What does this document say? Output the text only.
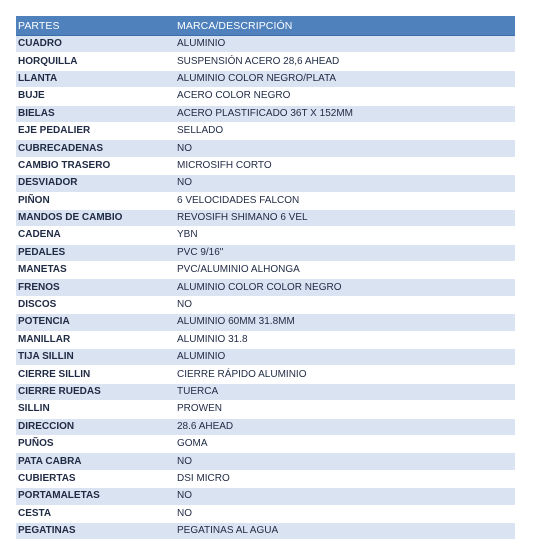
PARTES	MARCA/DESCRIPCIÓN
CUADRO	ALUMINIO
HORQUILLA	SUSPENSIÓN ACERO 28,6 AHEAD
LLANTA	ALUMINIO COLOR NEGRO/PLATA
BUJE	ACERO COLOR NEGRO
BIELAS	ACERO PLASTIFICADO 36T X 152MM
EJE PEDALIER	SELLADO
CUBRECADENAS	NO
CAMBIO TRASERO	MICROSIFH CORTO
DESVIADOR	NO
PIÑON	6 VELOCIDADES FALCON
MANDOS DE CAMBIO	REVOSIFH SHIMANO 6 VEL
CADENA	YBN
PEDALES	PVC 9/16"
MANETAS	PVC/ALUMINIO ALHONGA
FRENOS	ALUMINIO COLOR COLOR NEGRO
DISCOS	NO
POTENCIA	ALUMINIO 60MM 31.8MM
MANILLAR	ALUMINIO 31.8
TIJA SILLIN	ALUMINIO
CIERRE SILLIN	CIERRE RÁPIDO ALUMINIO
CIERRE RUEDAS	TUERCA
SILLIN	PROWEN
DIRECCION	28.6 AHEAD
PUÑOS	GOMA
PATA CABRA	NO
CUBIERTAS	DSI MICRO
PORTAMALETAS	NO
CESTA	NO
PEGATINAS	PEGATINAS AL AGUA
